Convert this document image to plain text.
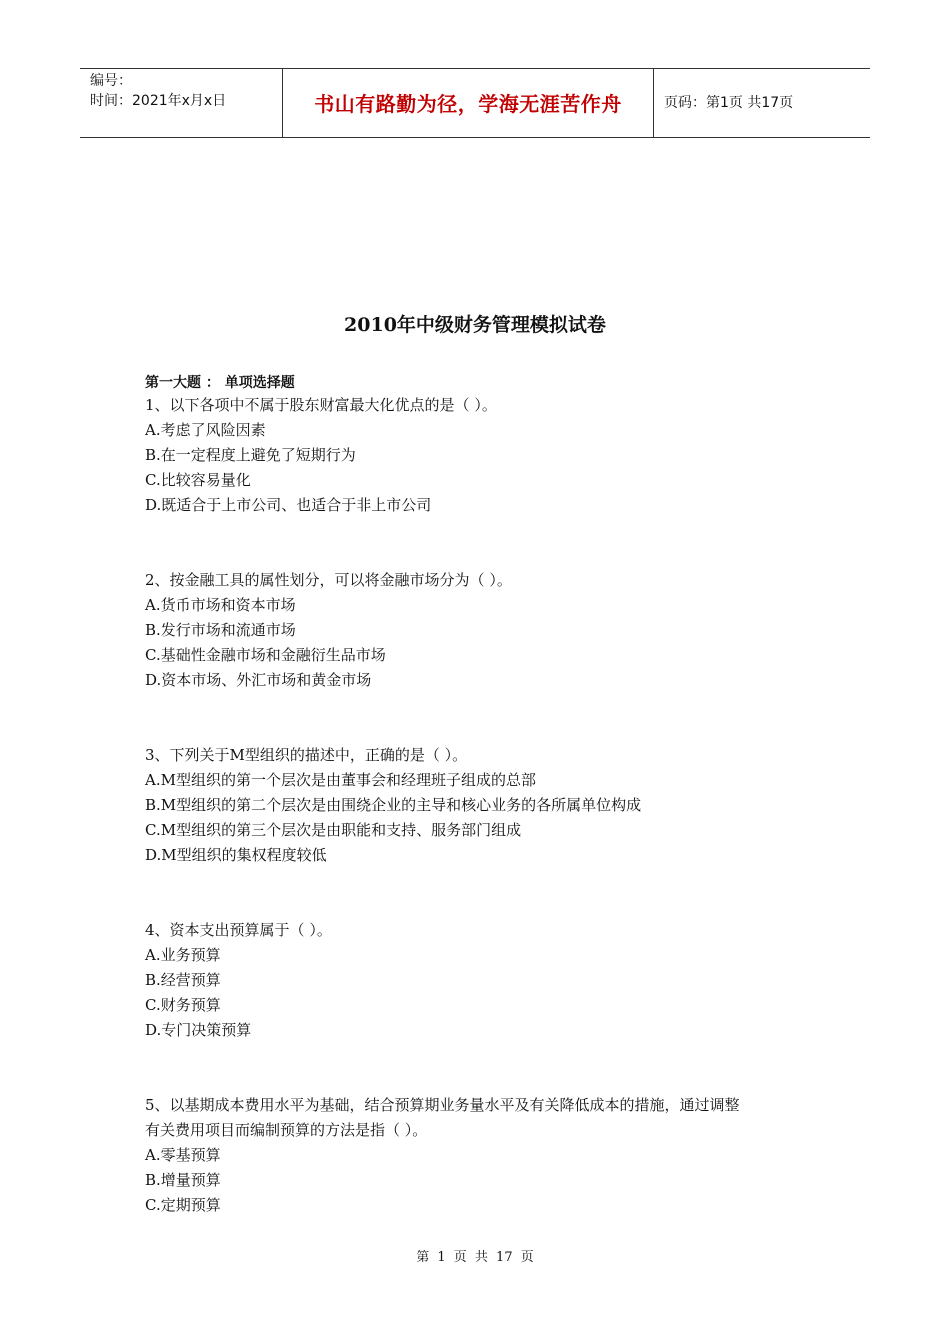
编号：
时间：2021年x月x日	书山有路勤为径，学海无涯苦作舟	页码：第1页 共17页
2010年中级财务管理模拟试卷
第一大题 ： 单项选择题
1、以下各项中不属于股东财富最大化优点的是（ ）。
A.考虑了风险因素
B.在一定程度上避免了短期行为
C.比较容易量化
D.既适合于上市公司、也适合于非上市公司
2、按金融工具的属性划分，可以将金融市场分为（ ）。
A.货币市场和资本市场
B.发行市场和流通市场
C.基础性金融市场和金融衍生品市场
D.资本市场、外汇市场和黄金市场
3、下列关于M型组织的描述中，正确的是（ ）。
A.M型组织的第一个层次是由董事会和经理班子组成的总部
B.M型组织的第二个层次是由围绕企业的主导和核心业务的各所属单位构成
C.M型组织的第三个层次是由职能和支持、服务部门组成
D.M型组织的集权程度较低
4、资本支出预算属于（ ）。
A.业务预算
B.经营预算
C.财务预算
D.专门决策预算
5、以基期成本费用水平为基础，结合预算期业务量水平及有关降低成本的措施，通过调整
有关费用项目而编制预算的方法是指（ ）。
A.零基预算
B.增量预算
C.定期预算
第 1 页 共 17 页
